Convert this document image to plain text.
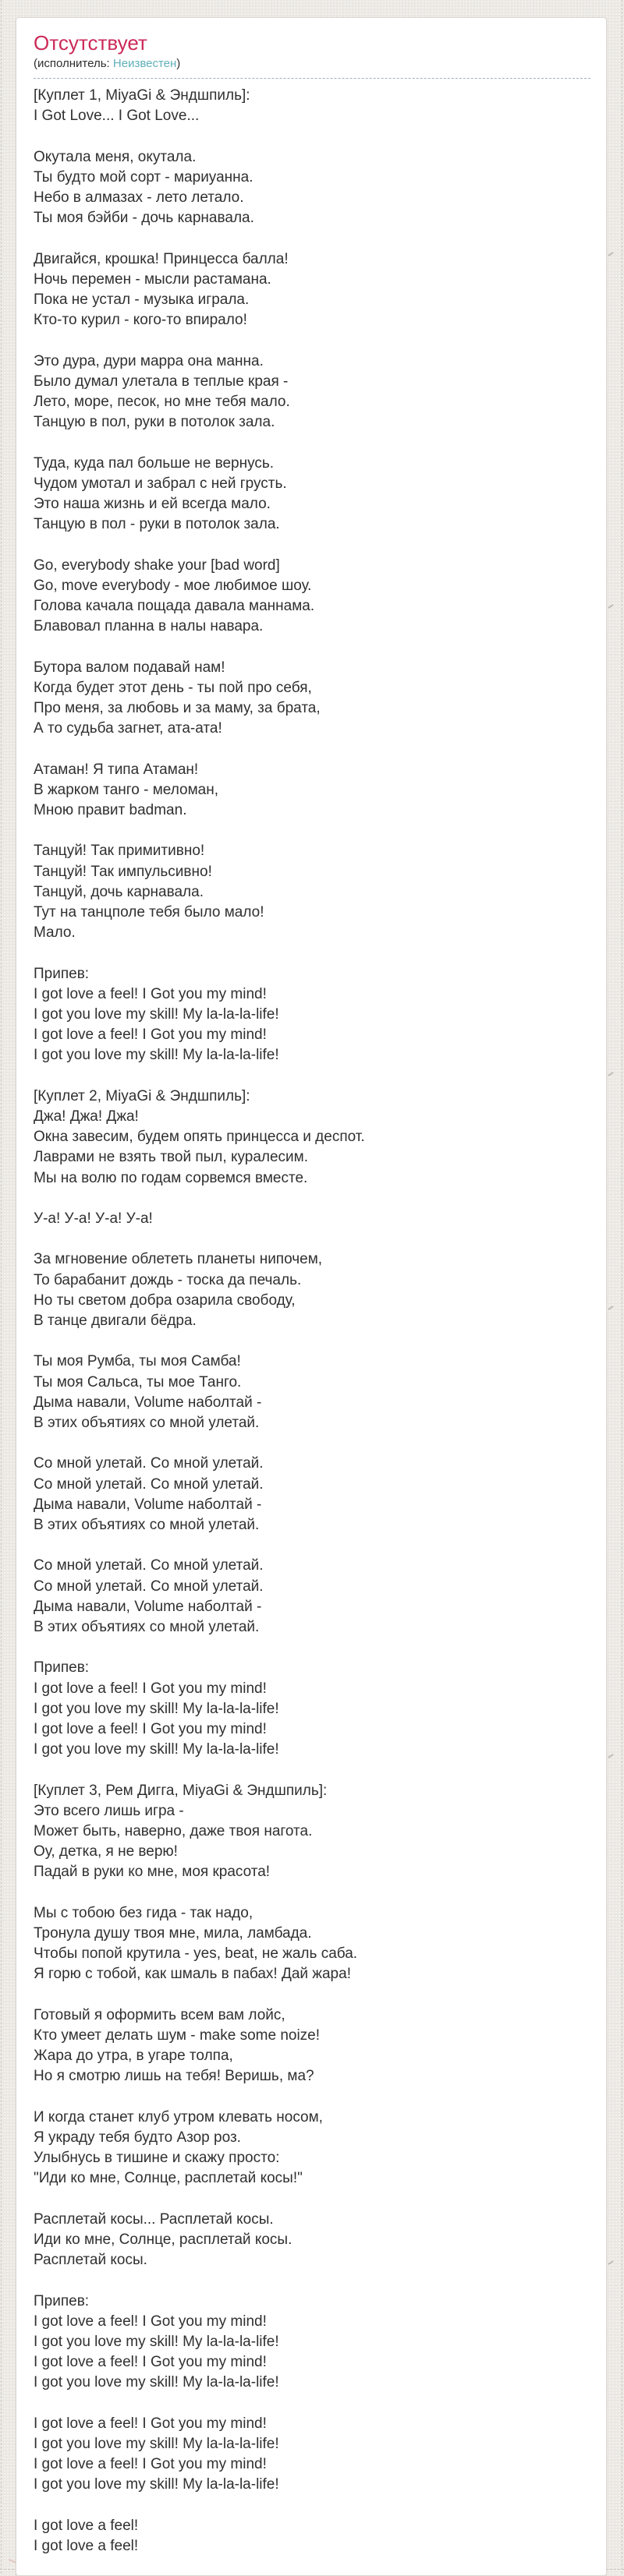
Отсутствует
(исполнитель: Неизвестен)
[Куплет 1, MiyaGi & Эндшпиль]:
I Got Love... I Got Love...
Окутала меня, окутала.
Ты будто мой сорт - мариуанна.
Небо в алмазах - лето летало.
Ты моя бэйби - дочь карнавала.
Двигайся, крошка! Принцесса балла!
Ночь перемен - мысли растамана.
Пока не устал - музыка играла.
Кто-то курил - кого-то впирало!
Это дура, дури марра она манна.
Было думал улетала в теплые края -
Лето, море, песок, но мне тебя мало.
Танцую в пол, руки в потолок зала.
Туда, куда пал больше не вернусь.
Чудом умотал и забрал с ней грусть.
Это наша жизнь и ей всегда мало.
Танцую в пол - руки в потолок зала.
Go, everybody shake your [bad word]
Go, move everybody - мое любимое шоу.
Голова качала пощада давала маннама.
Блавовал планна в налы навара.
Бутора валом подавай нам!
Когда будет этот день - ты пой про себя,
Про меня, за любовь и за маму, за брата,
А то судьба загнет, ата-ата!
Атаман! Я типа Атаман!
В жарком танго - меломан,
Мною правит badman.
Танцуй! Так примитивно!
Танцуй! Так импульсивно!
Танцуй, дочь карнавала.
Тут на танцполе тебя было мало!
Мало.
Припев:
I got love a feel! I Got you my mind!
I got you love my skill! My la-la-la-life!
I got love a feel! I Got you my mind!
I got you love my skill! My la-la-la-life!
[Куплет 2, MiyaGi & Эндшпиль]:
Джа! Джа! Джа!
Окна завесим, будем опять принцесса и деспот.
Лаврами не взять твой пыл, куралесим.
Мы на волю по годам сорвемся вместе.
У-а! У-а! У-а! У-а!
За мгновение облететь планеты нипочем,
То барабанит дождь - тоска да печаль.
Но ты светом добра озарила свободу,
В танце двигали бёдра.
Ты моя Румба, ты моя Самба!
Ты моя Сальса, ты мое Танго.
Дыма навали, Volume наболтай -
В этих объятиях со мной улетай.
Со мной улетай. Со мной улетай.
Со мной улетай. Со мной улетай.
Дыма навали, Volume наболтай -
В этих объятиях со мной улетай.
Со мной улетай. Со мной улетай.
Со мной улетай. Со мной улетай.
Дыма навали, Volume наболтай -
В этих объятиях со мной улетай.
Припев:
I got love a feel! I Got you my mind!
I got you love my skill! My la-la-la-life!
I got love a feel! I Got you my mind!
I got you love my skill! My la-la-la-life!
[Куплет 3, Рем Дигга, MiyaGi & Эндшпиль]:
Это всего лишь игра -
Может быть, наверно, даже твоя нагота.
Оу, детка, я не верю!
Падай в руки ко мне, моя красота!
Мы с тобою без гида - так надо,
Тронула душу твоя мне, мила, ламбада.
Чтобы попой крутила - yes, beat, не жаль саба.
Я горю с тобой, как шмаль в пабах! Дай жара!
Готовый я оформить всем вам лойс,
Кто умеет делать шум - make some noize!
Жара до утра, в угаре толпа,
Но я смотрю лишь на тебя! Веришь, ма?
И когда станет клуб утром клевать носом,
Я украду тебя будто Азор роз.
Улыбнусь в тишине и скажу просто:
"Иди ко мне, Солнце, расплетай косы!"
Расплетай косы... Расплетай косы.
Иди ко мне, Солнце, расплетай косы.
Расплетай косы.
Припев:
I got love a feel! I Got you my mind!
I got you love my skill! My la-la-la-life!
I got love a feel! I Got you my mind!
I got you love my skill! My la-la-la-life!
I got love a feel! I Got you my mind!
I got you love my skill! My la-la-la-life!
I got love a feel! I Got you my mind!
I got you love my skill! My la-la-la-life!
I got love a feel!
I got love a feel!
